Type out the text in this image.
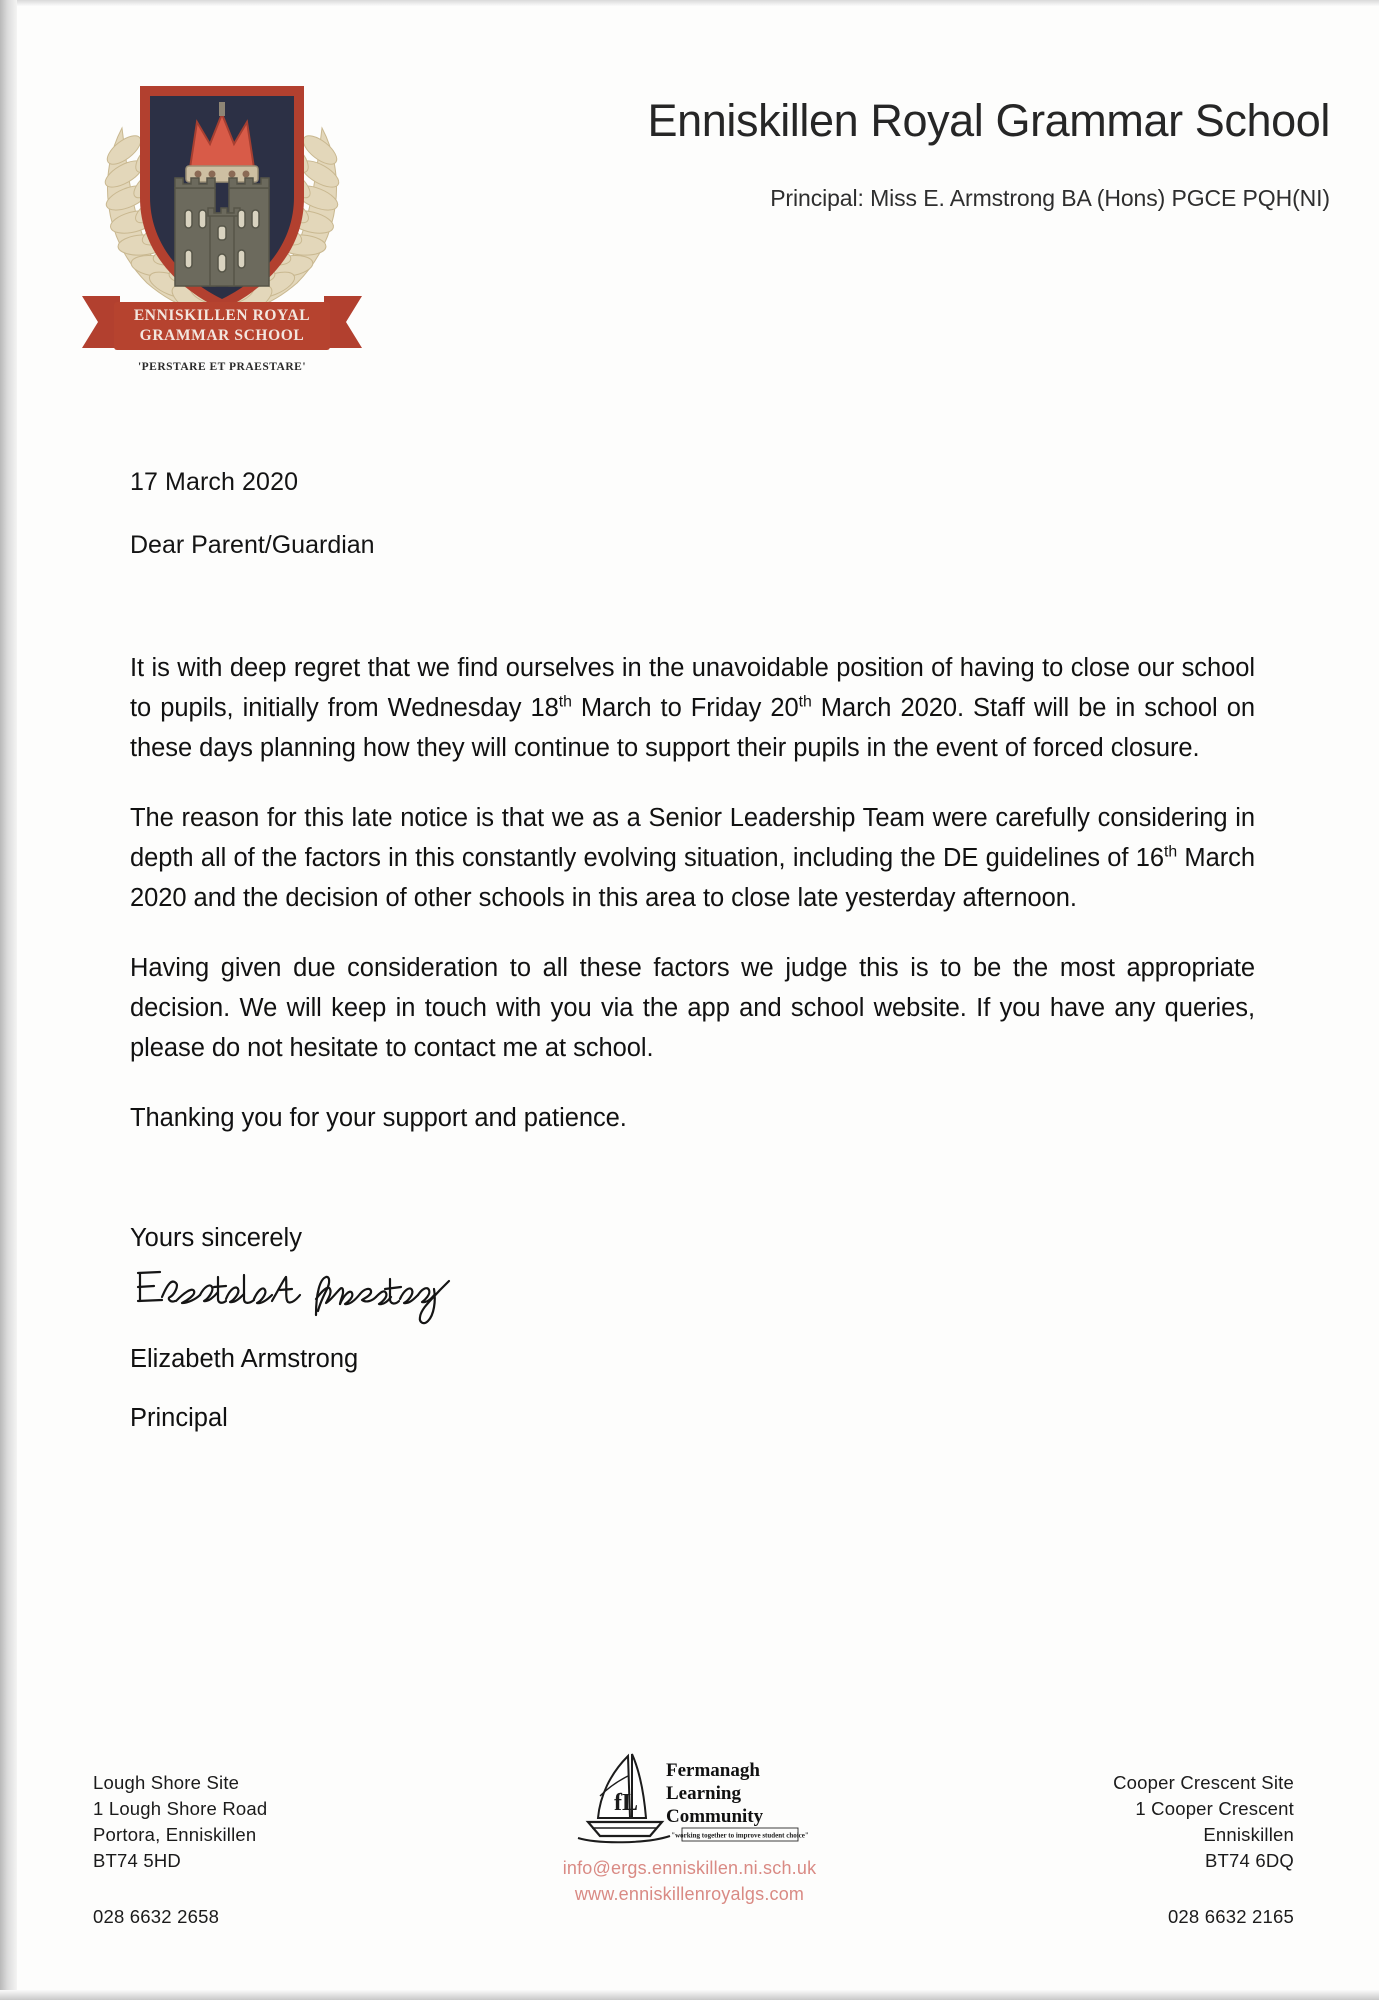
ENNISKILLEN ROYAL
GRAMMAR SCHOOL
'PERSTARE ET PRAESTARE'
Enniskillen Royal Grammar School
Principal: Miss E. Armstrong BA (Hons) PGCE PQH(NI)
17 March 2020
Dear Parent/Guardian

It is with deep regret that we find ourselves in the unavoidable position of having to close our school to pupils, initially from Wednesday 18th March to Friday 20th March 2020. Staff will be in school on these days planning how they will continue to support their pupils in the event of forced closure.

The reason for this late notice is that we as a Senior Leadership Team were carefully considering in depth all of the factors in this constantly evolving situation, including the DE guidelines of 16th March 2020 and the decision of other schools in this area to close late yesterday afternoon.

Having given due consideration to all these factors we judge this is to be the most appropriate decision. We will keep in touch with you via the app and school website. If you have any queries, please do not hesitate to contact me at school.

Thanking you for your support and patience.

Yours sincerely
Elizabeth Armstrong
Principal
Lough Shore Site
1 Lough Shore Road
Portora, Enniskillen
BT74 5HD
028 6632 2658
fL
Fermanagh
Learning
Community
"working together to improve student choice"
info@ergs.enniskillen.ni.sch.uk
www.enniskillenroyalgs.com
Cooper Crescent Site
1 Cooper Crescent
Enniskillen
BT74 6DQ
028 6632 2165
